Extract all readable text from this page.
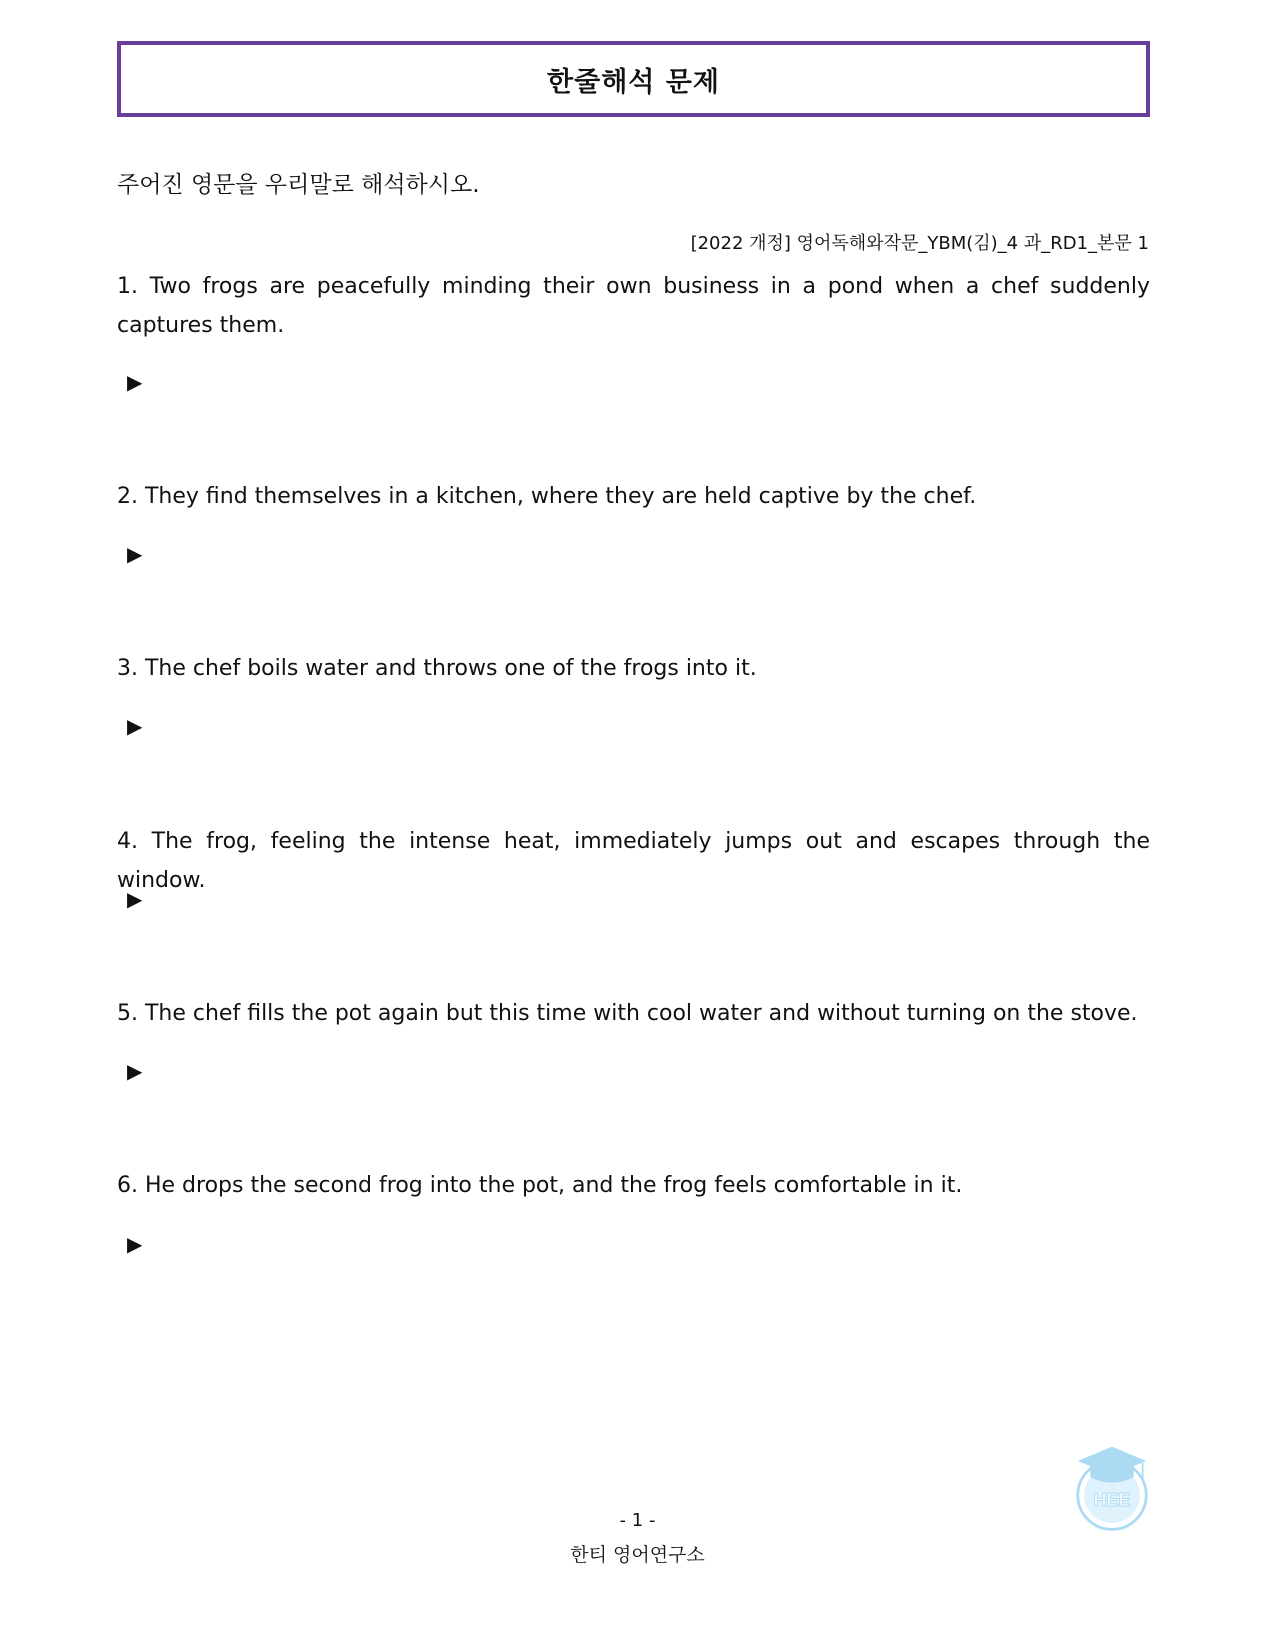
한줄해석 문제

주어진 영문을 우리말로 해석하시오.

[2022 개정] 영어독해와작문_YBM(김)_4 과_RD1_본문 1

1. Two frogs are peacefully minding their own business in a pond when a chef suddenly captures them.

▶

2. They find themselves in a kitchen, where they are held captive by the chef.

▶

3. The chef boils water and throws one of the frogs into it.

▶

4. The frog, feeling the intense heat, immediately jumps out and escapes through the window.

▶

5. The chef fills the pot again but this time with cool water and without turning on the stove.

▶

6. He drops the second frog into the pot, and the frog feels comfortable in it.

▶

HEE

- 1 -

한티 영어연구소
